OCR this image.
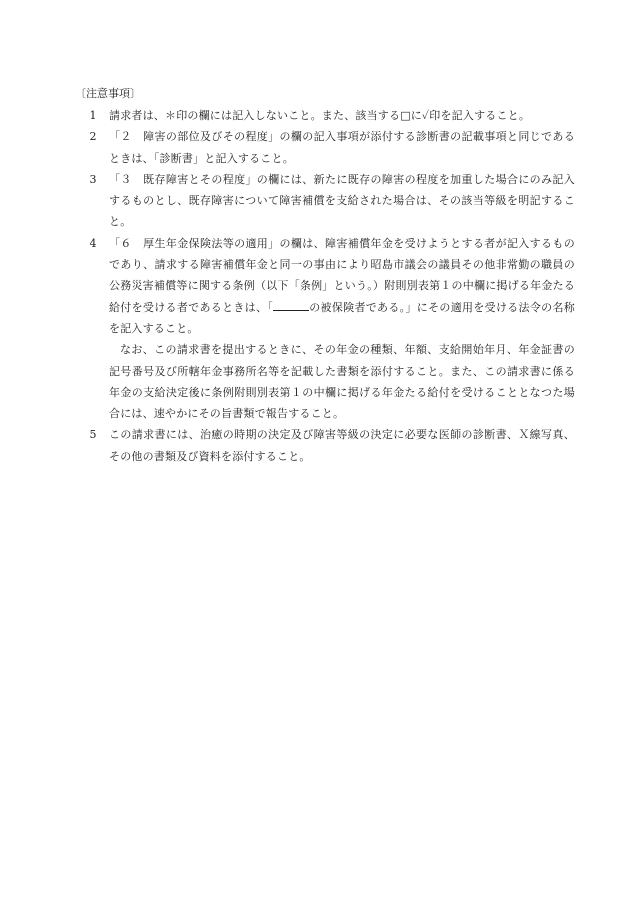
〔注意事項〕

1	請求者は、＊印の欄には記入しないこと。また、該当する□に✓印を記入すること。
2	「２　障害の部位及びその程度」の欄の記入事項が添付する診断書の記載事項と同じであるときは、「診断書」と記入すること。
3	「３　既存障害とその程度」の欄には、新たに既存の障害の程度を加重した場合にのみ記入するものとし、既存障害について障害補償を支給された場合は、その該当等級を明記すること。
4	「６　厚生年金保険法等の適用」の欄は、障害補償年金を受けようとする者が記入するものであり、請求する障害補償年金と同一の事由により昭島市議会の議員その他非常勤の職員の公務災害補償等に関する条例（以下「条例」という。）附則別表第１の中欄に掲げる年金たる給付を受ける者であるときは、「	の被保険者である。」にその適用を受ける法令の名称を記入すること。
なお、この請求書を提出するときに、その年金の種類、年額、支給開始年月、年金証書の記号番号及び所轄年金事務所名等を記載した書類を添付すること。また、この請求書に係る年金の支給決定後に条例附則別表第１の中欄に掲げる年金たる給付を受けることとなつた場合には、速やかにその旨書類で報告すること。
5	この請求書には、治癒の時期の決定及び障害等級の決定に必要な医師の診断書、Ｘ線写真、その他の書類及び資料を添付すること。
